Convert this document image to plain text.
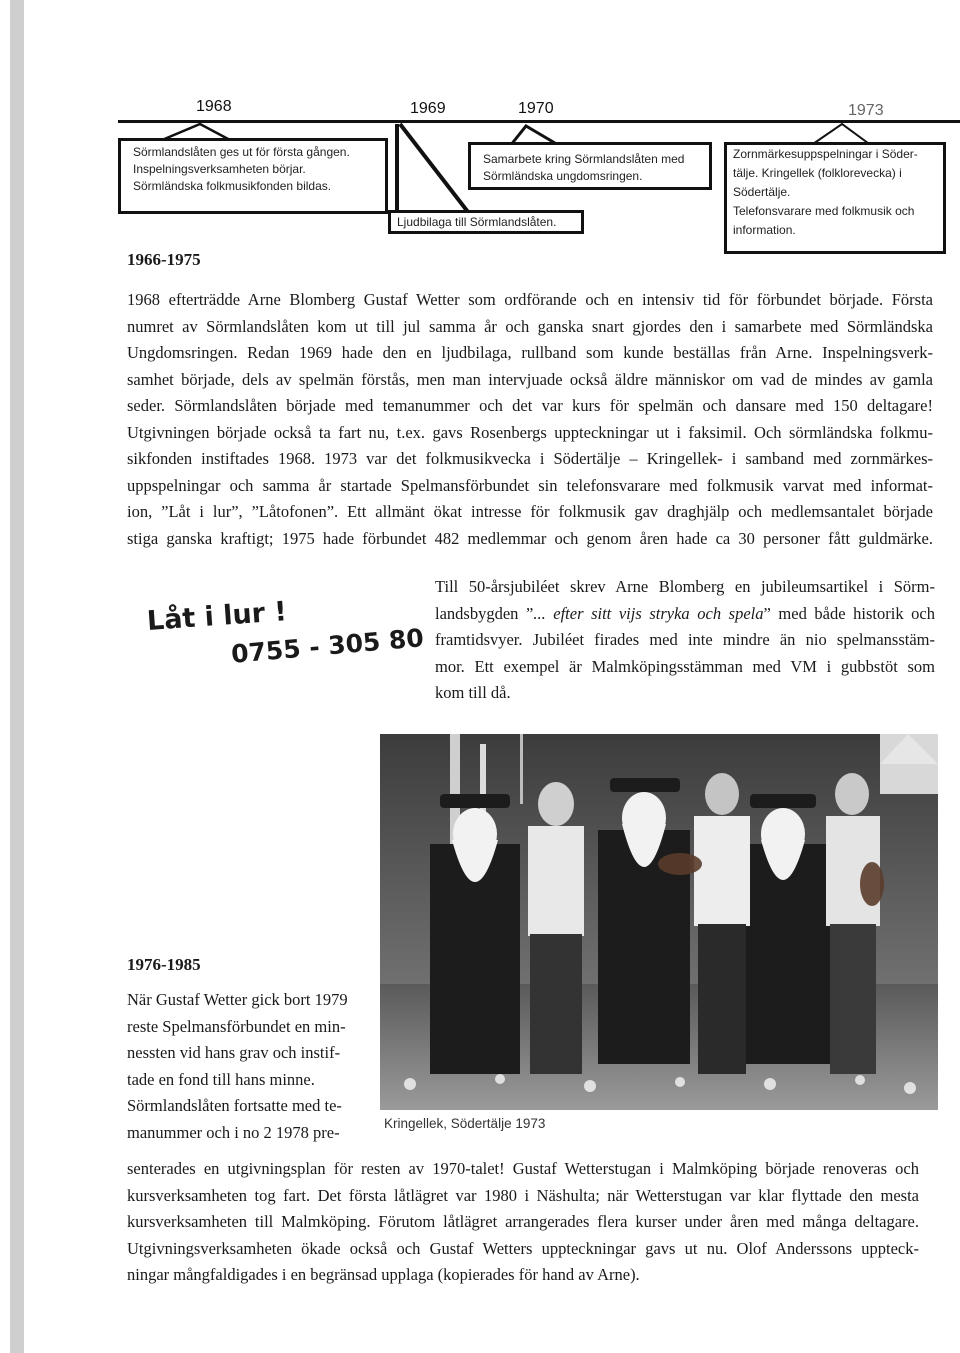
1968	1969	1970	1973
Sörmlandslåten ges ut för första gången.
Inspelningsverksamheten börjar.
Sörmländska folkmusikfonden bildas.
Ljudbilaga till Sörmlandslåten.
Samarbete kring Sörmlandslåten med
Sörmländska ungdomsringen.
Zornmärkesuppspelningar i Söder-
tälje. Kringellek (folklorevecka) i
Södertälje.
Telefonsvarare med folkmusik och
information.
1966-1975
1968 efterträdde Arne Blomberg Gustaf Wetter som ordförande och en intensiv tid för förbundet började. Första
numret av Sörmlandslåten kom ut till jul samma år och ganska snart gjordes den i samarbete med Sörmländska
Ungdomsringen. Redan 1969 hade den en ljudbilaga, rullband som kunde beställas från Arne. Inspelningsverk-
samhet började, dels av spelmän förstås, men man intervjuade också äldre människor om vad de mindes av gamla
seder. Sörmlandslåten började med temanummer och det var kurs för spelmän och dansare med 150 deltagare!
Utgivningen började också ta fart nu, t.ex. gavs Rosenbergs uppteckningar ut i faksimil. Och sörmländska folkmu-
sikfonden instiftades 1968. 1973 var det folkmusikvecka i Södertälje – Kringellek- i samband med zornmärkes-
uppspelningar och samma år startade Spelmansförbundet sin telefonsvarare med folkmusik varvat med informat-
ion, ”Låt i lur”, ”Låtofonen”. Ett allmänt ökat intresse för folkmusik gav draghjälp och medlemsantalet började
stiga ganska kraftigt; 1975 hade förbundet 482 medlemmar och genom åren hade ca 30 personer fått guldmärke.
Låt i lur !
0755 - 305 80
Till 50-årsjubiléet skrev Arne Blomberg en jubileumsartikel i Sörm-
landsbygden ”... efter sitt vijs stryka och spela” med både historik och
framtidsvyer. Jubiléet firades med inte mindre än nio spelmansstäm-
mor. Ett exempel är Malmköpingsstämman med VM i gubbstöt som
kom till då.
1976-1985
När Gustaf Wetter gick bort 1979
reste Spelmansförbundet en min-
nessten vid hans grav och instif-
tade en fond till hans minne.
Sörmlandslåten fortsatte med te-
manummer och i no 2 1978 pre-	Kringellek, Södertälje 1973
senterades en utgivningsplan för resten av 1970-talet! Gustaf Wetterstugan i Malmköping började renoveras och
kursverksamheten tog fart. Det första låtlägret var 1980 i Näshulta; när Wetterstugan var klar flyttade den mesta
kursverksamheten till Malmköping. Förutom låtlägret arrangerades flera kurser under åren med många deltagare.
Utgivningsverksamheten ökade också och Gustaf Wetters uppteckningar gavs ut nu. Olof Anderssons uppteck-
ningar mångfaldigades i en begränsad upplaga (kopierades för hand av Arne).
